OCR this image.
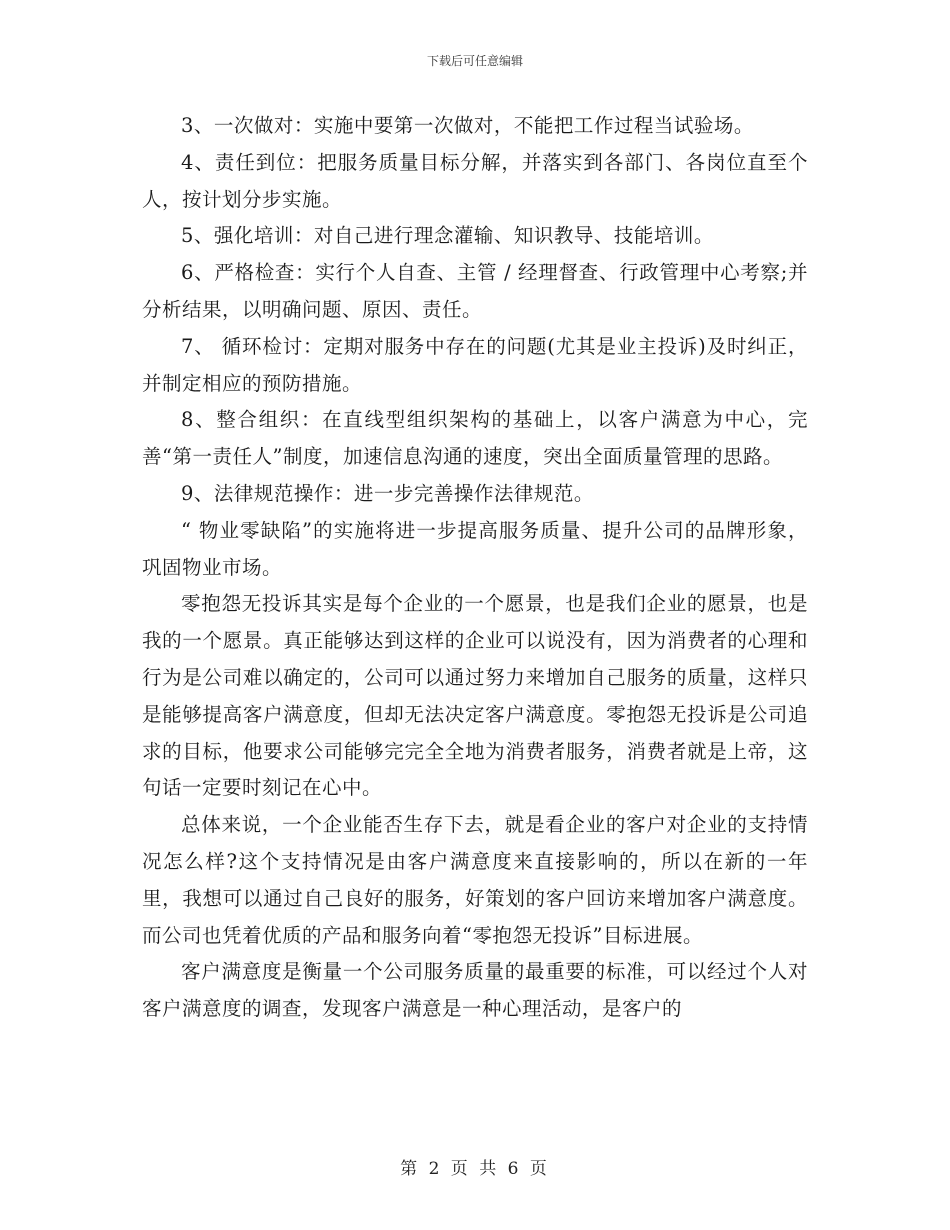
下载后可任意编辑

3、一次做对：实施中要第一次做对，不能把工作过程当试验场。

4、责任到位：把服务质量目标分解，并落实到各部门、各岗位直至个人，按计划分步实施。

5、强化培训：对自己进行理念灌输、知识教导、技能培训。

6、严格检查：实行个人自查、主管 / 经理督查、行政管理中心考察;并分析结果，以明确问题、原因、责任。

7、 循环检讨：定期对服务中存在的问题(尤其是业主投诉)及时纠正，并制定相应的预防措施。

8、整合组织：在直线型组织架构的基础上，以客户满意为中心，完善“第一责任人”制度，加速信息沟通的速度，突出全面质量管理的思路。

9、法律规范操作：进一步完善操作法律规范。

“ 物业零缺陷”的实施将进一步提高服务质量、提升公司的品牌形象，巩固物业市场。

零抱怨无投诉其实是每个企业的一个愿景，也是我们企业的愿景，也是我的一个愿景。真正能够达到这样的企业可以说没有，因为消费者的心理和行为是公司难以确定的，公司可以通过努力来增加自己服务的质量，这样只是能够提高客户满意度，但却无法决定客户满意度。零抱怨无投诉是公司追求的目标，他要求公司能够完完全全地为消费者服务，消费者就是上帝，这句话一定要时刻记在心中。

总体来说，一个企业能否生存下去，就是看企业的客户对企业的支持情况怎么样?这个支持情况是由客户满意度来直接影响的，所以在新的一年里，我想可以通过自己良好的服务，好策划的客户回访来增加客户满意度。而公司也凭着优质的产品和服务向着“零抱怨无投诉”目标进展。

客户满意度是衡量一个公司服务质量的最重要的标准，可以经过个人对客户满意度的调查，发现客户满意是一种心理活动，是客户的

第 2 页 共 6 页
